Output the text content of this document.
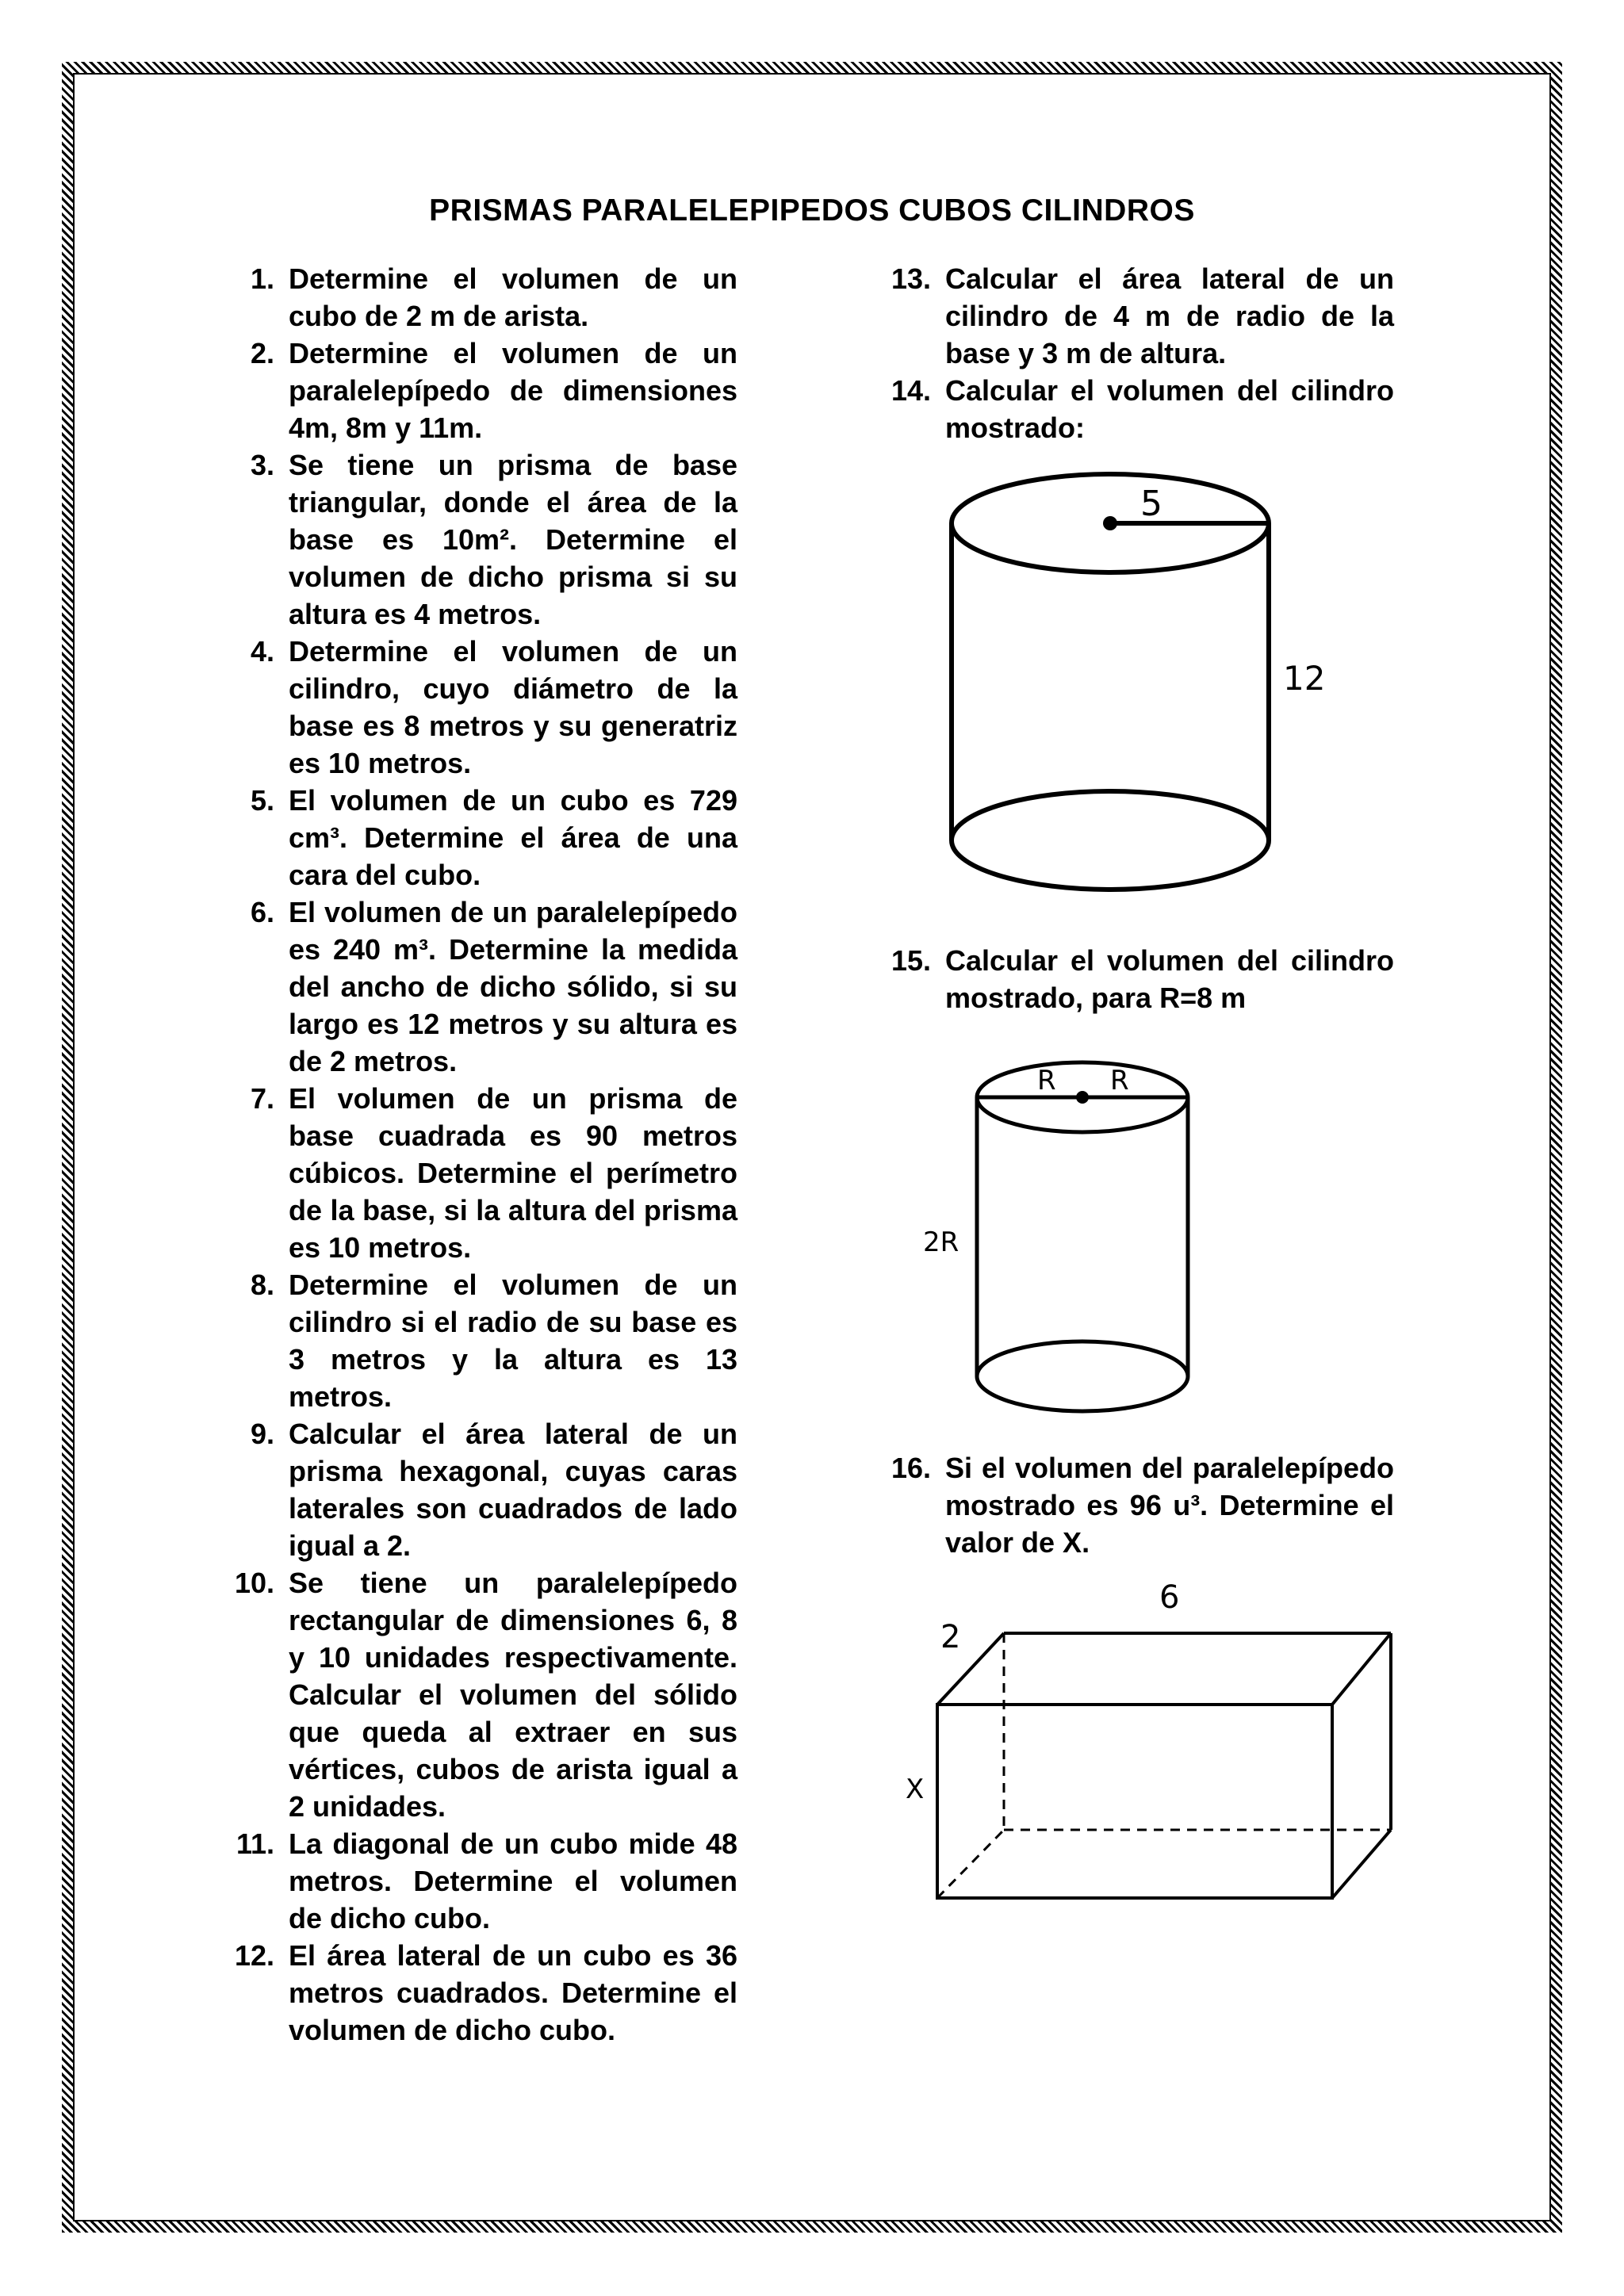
PRISMAS PARALELEPIPEDOS CUBOS CILINDROS
1. Determine el volumen de un cubo de 2 m de arista.
2. Determine el volumen de un paralelepípedo de dimensiones 4m, 8m y 11m.
3. Se tiene un prisma de base triangular, donde el área de la base es 10m². Determine el volumen de dicho prisma si su altura es 4 metros.
4. Determine el volumen de un cilindro, cuyo diámetro de la base es 8 metros y su generatriz es 10 metros.
5. El volumen de un cubo es 729 cm³. Determine el área de una cara del cubo.
6. El volumen de un paralelepípedo es 240 m³. Determine la medida del ancho de dicho sólido, si su largo es 12 metros y su altura es de 2 metros.
7. El volumen de un prisma de base cuadrada es 90 metros cúbicos. Determine el perímetro de la base, si la altura del prisma es 10 metros.
8. Determine el volumen de un cilindro si el radio de su base es 3 metros y la altura es 13 metros.
9. Calcular el área lateral de un prisma hexagonal, cuyas caras laterales son cuadrados de lado igual a 2.
10. Se tiene un paralelepípedo rectangular de dimensiones 6, 8 y 10 unidades respectivamente. Calcular el volumen del sólido que queda al extraer en sus vértices, cubos de arista igual a 2 unidades.
11. La diagonal de un cubo mide 48 metros. Determine el volumen de dicho cubo.
12. El área lateral de un cubo es 36 metros cuadrados. Determine el volumen de dicho cubo.
13. Calcular el área lateral de un cilindro de 4 m de radio de la base y 3 m de altura.
14. Calcular el volumen del cilindro mostrado:
5
12
15. Calcular el volumen del cilindro mostrado, para R=8 m
R R
2R
16. Si el volumen del paralelepípedo mostrado es 96 u³. Determine el valor de X.
6
2
X
